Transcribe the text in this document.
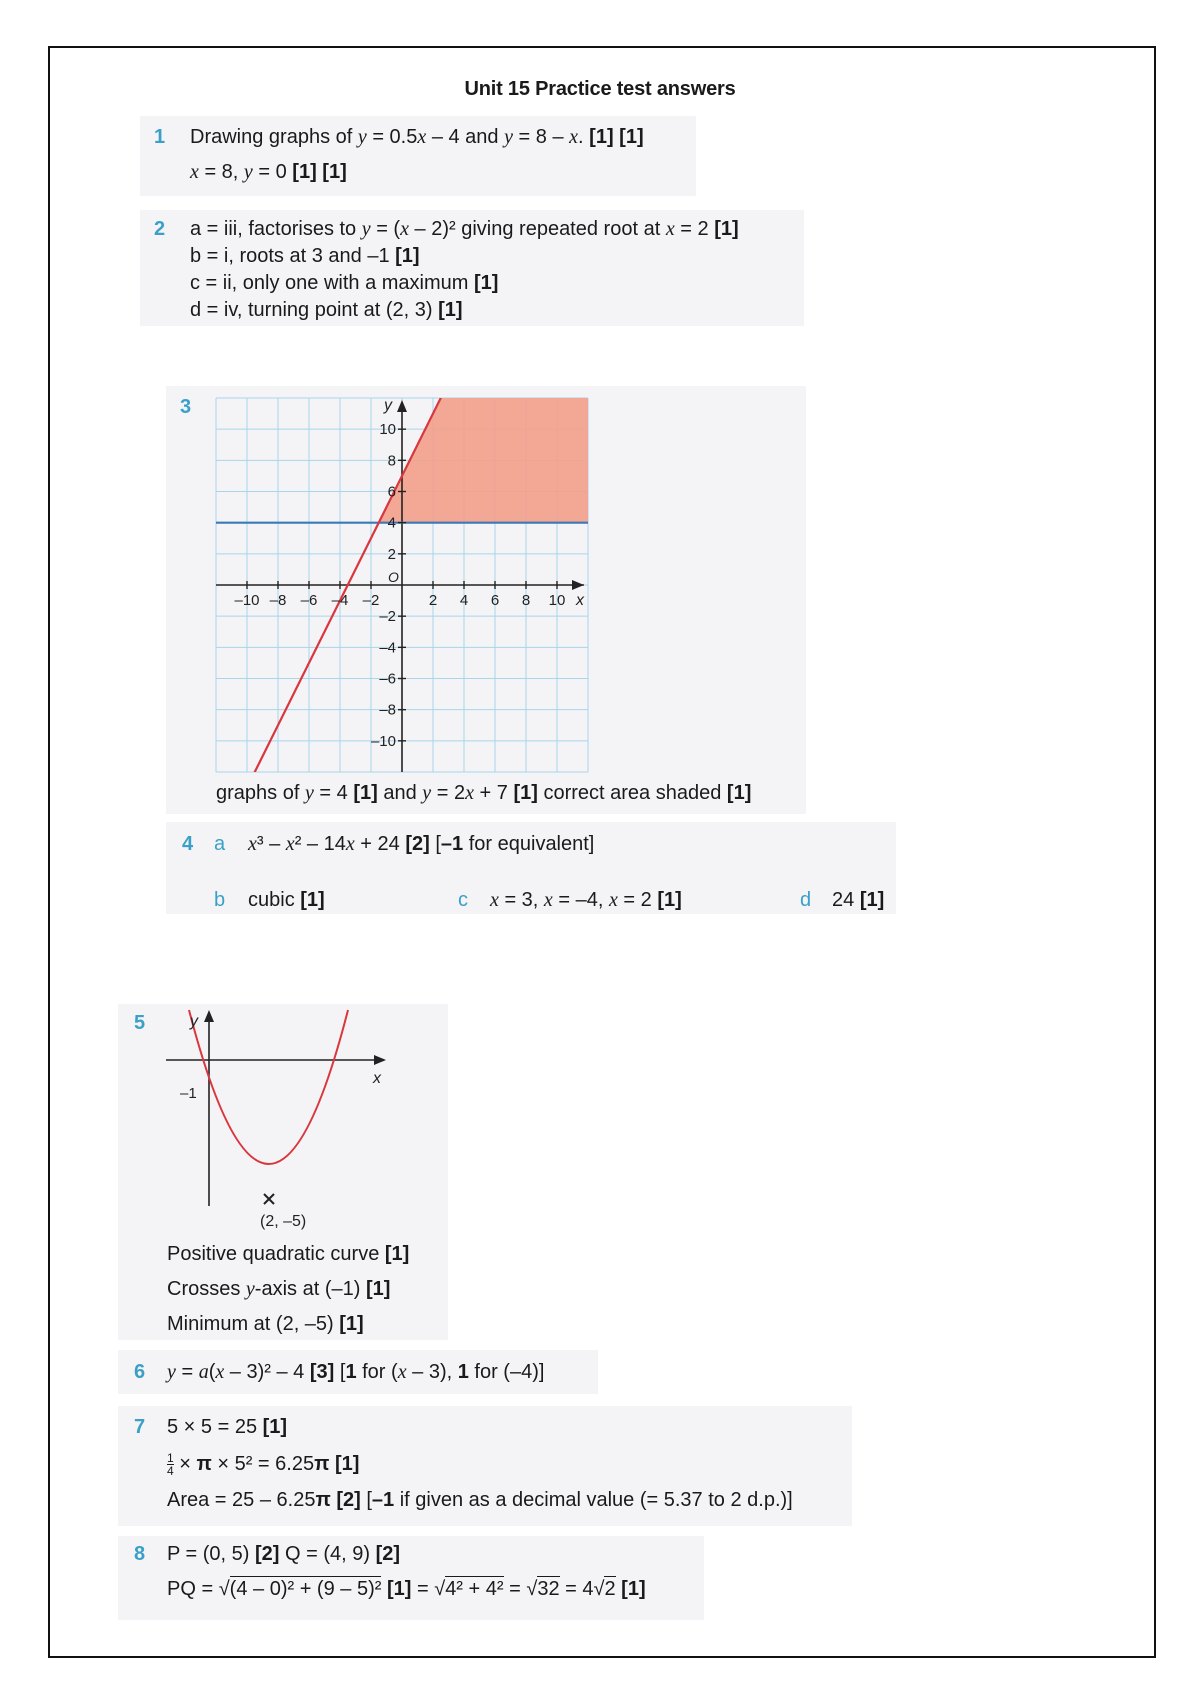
Unit 15 Practice test answers
1 Drawing graphs of y = 0.5x – 4 and y = 8 – x. [1] [1]
x = 8, y = 0 [1] [1]
2 a = iii, factorises to y = (x – 2)² giving repeated root at x = 2 [1]
b = i, roots at 3 and –1 [1]
c = ii, only one with a maximum [1]
d = iv, turning point at (2, 3) [1]
3
–10 –8 –6 –4 –2	2 4 6 8 10
10
8
6
4
2
–2
–4
–6
–8
–10
x
y
O
graphs of y = 4 [1] and y = 2x + 7 [1] correct area shaded [1]
4 a x³ – x² – 14x + 24 [2] [–1 for equivalent]
b cubic [1]	c x = 3, x = –4, x = 2 [1]	d 24 [1]
5
x
y
–1
(2, –5)
Positive quadratic curve [1]
Crosses y-axis at (–1) [1]
Minimum at (2, –5) [1]
6 y = a(x – 3)² – 4 [3] [1 for (x – 3), 1 for (–4)]
7 5 × 5 = 25 [1]
$\frac{1}{4} \times \pi \times 5^2 = 6.25\pi$ [1]
Area = 25 – 6.25π [2] [–1 if given as a decimal value (= 5.37 to 2 d.p.)]
8 P = (0, 5) [2] Q = (4, 9) [2]
PQ = √(4 – 0)² + (9 – 5)² [1] = √4² + 4² = √32 = 4√2 [1]
